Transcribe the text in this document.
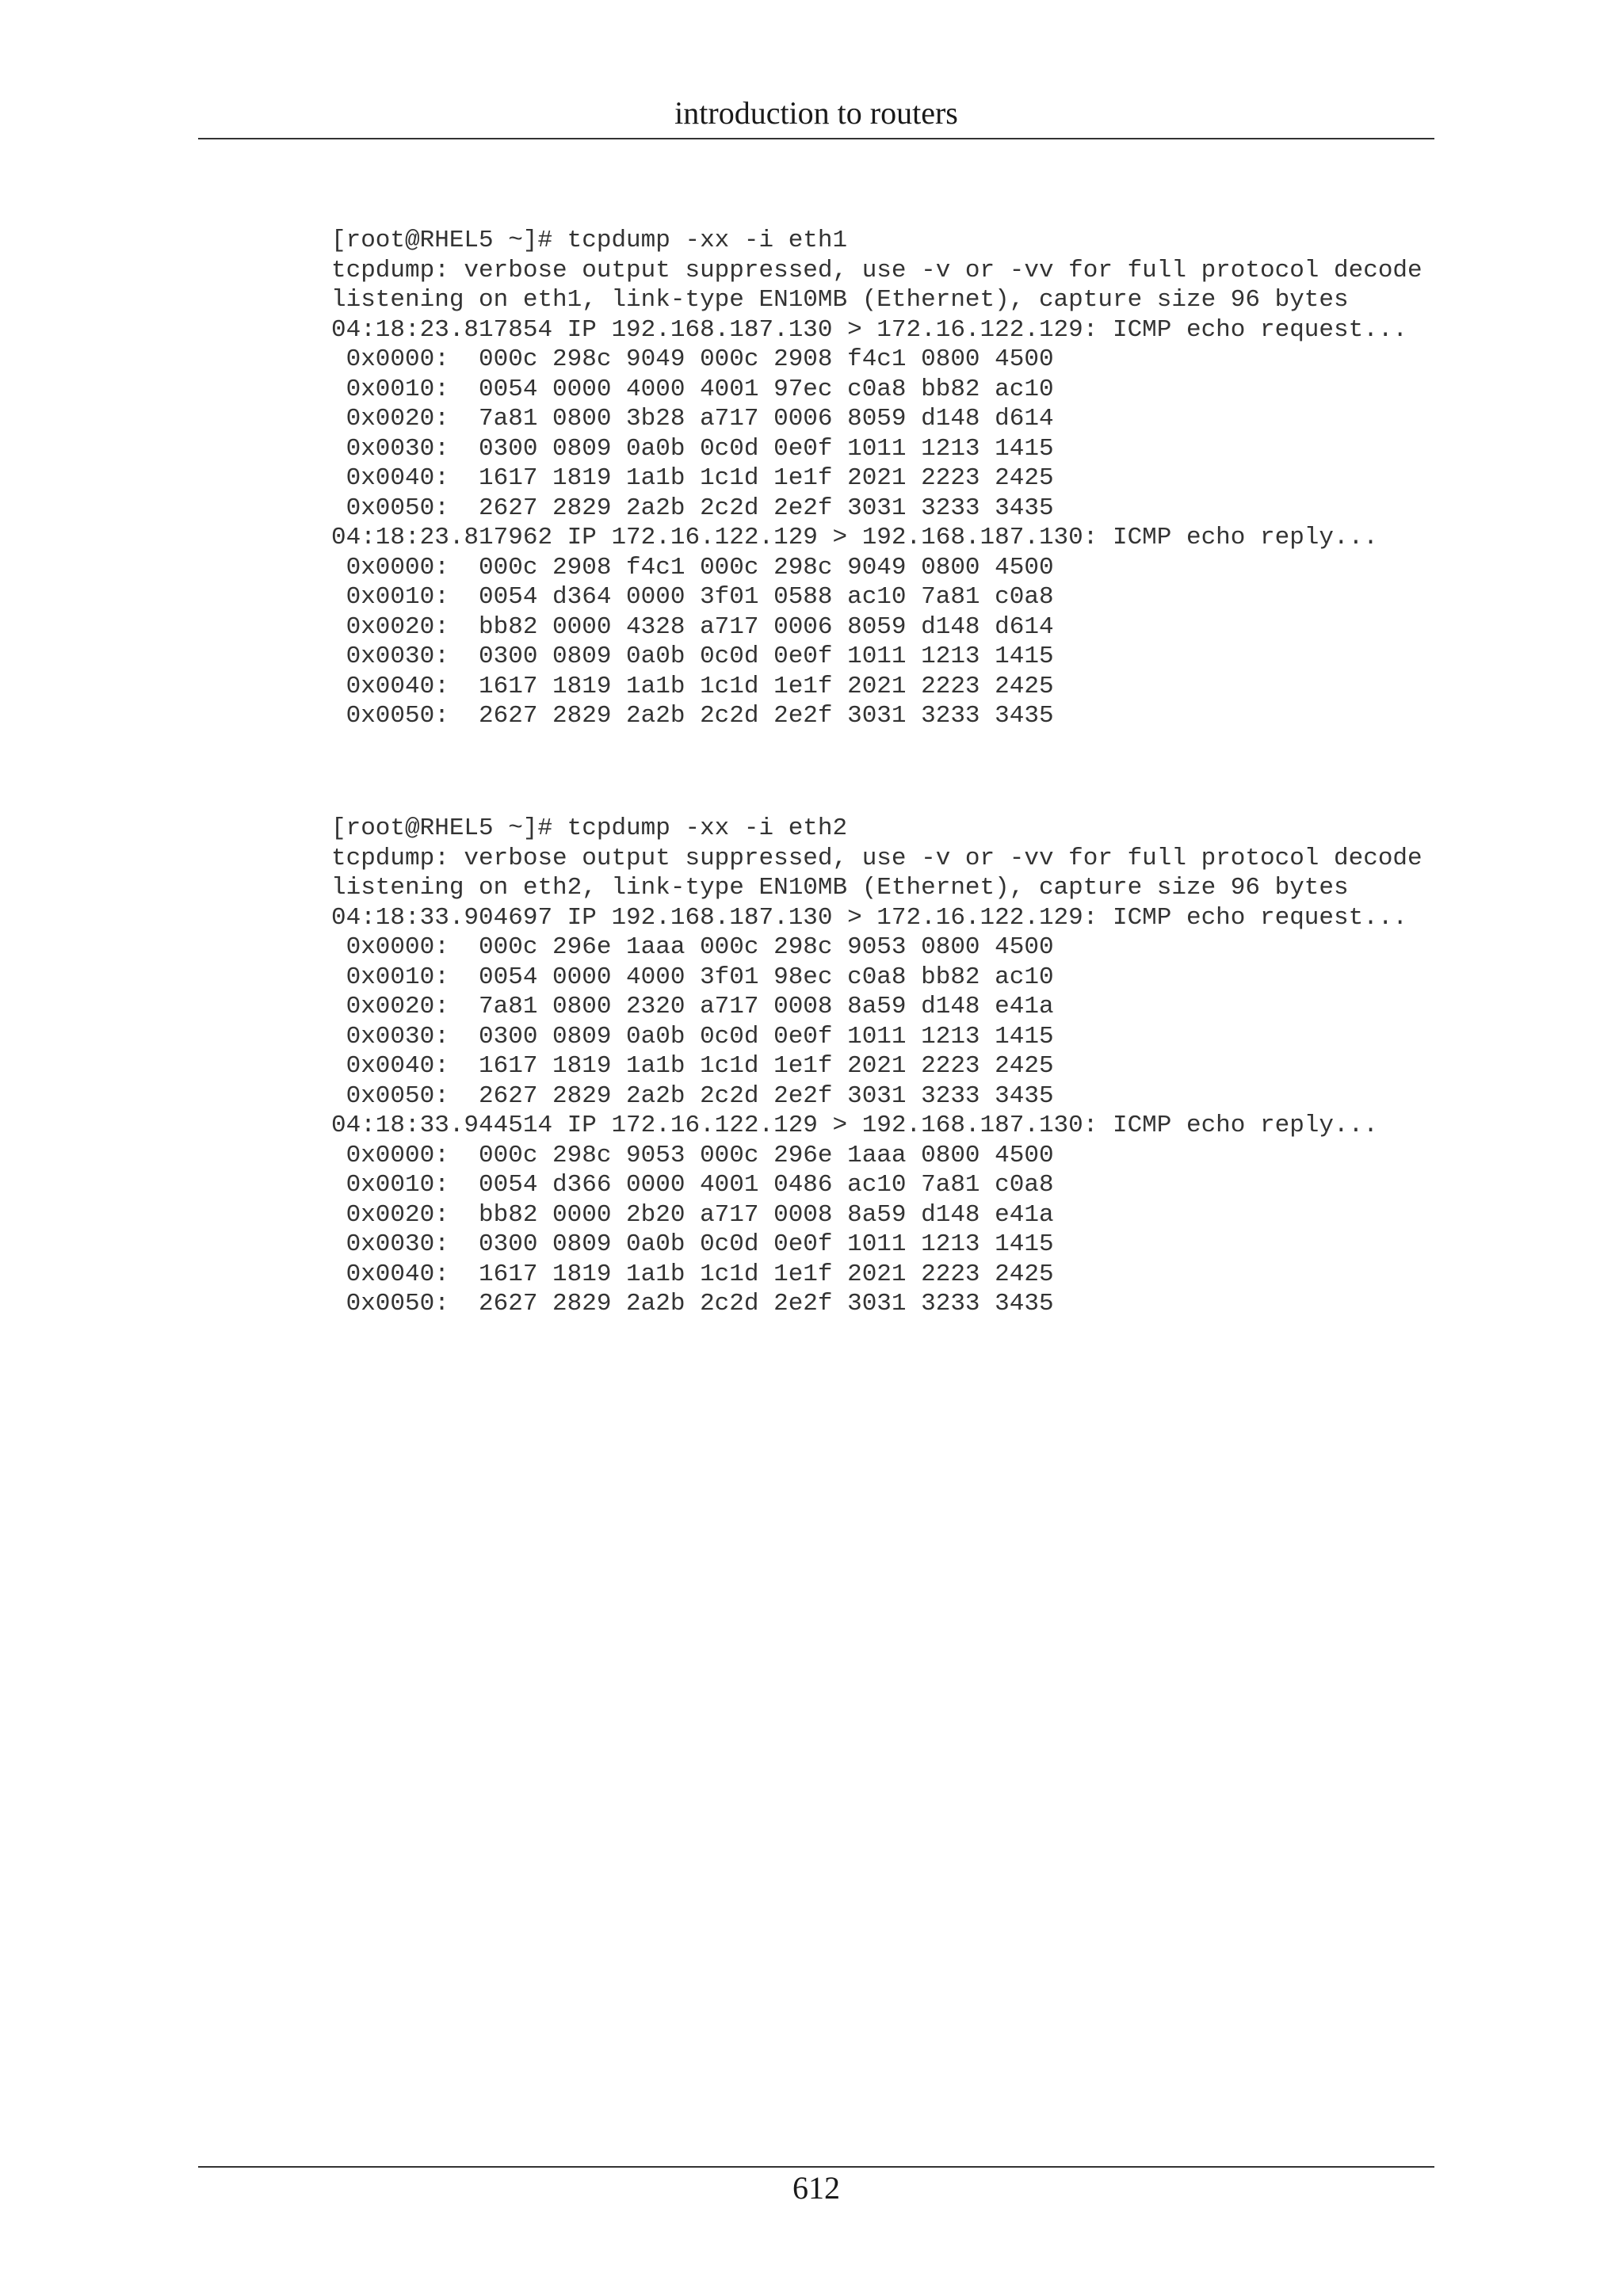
introduction to routers
[root@RHEL5 ~]# tcpdump -xx -i eth1
tcpdump: verbose output suppressed, use -v or -vv for full protocol decode
listening on eth1, link-type EN10MB (Ethernet), capture size 96 bytes
04:18:23.817854 IP 192.168.187.130 > 172.16.122.129: ICMP echo request...
0x0000:  000c 298c 9049 000c 2908 f4c1 0800 4500
0x0010:  0054 0000 4000 4001 97ec c0a8 bb82 ac10
0x0020:  7a81 0800 3b28 a717 0006 8059 d148 d614
0x0030:  0300 0809 0a0b 0c0d 0e0f 1011 1213 1415
0x0040:  1617 1819 1a1b 1c1d 1e1f 2021 2223 2425
0x0050:  2627 2829 2a2b 2c2d 2e2f 3031 3233 3435
04:18:23.817962 IP 172.16.122.129 > 192.168.187.130: ICMP echo reply...
0x0000:  000c 2908 f4c1 000c 298c 9049 0800 4500
0x0010:  0054 d364 0000 3f01 0588 ac10 7a81 c0a8
0x0020:  bb82 0000 4328 a717 0006 8059 d148 d614
0x0030:  0300 0809 0a0b 0c0d 0e0f 1011 1213 1415
0x0040:  1617 1819 1a1b 1c1d 1e1f 2021 2223 2425
0x0050:  2627 2829 2a2b 2c2d 2e2f 3031 3233 3435
[root@RHEL5 ~]# tcpdump -xx -i eth2
tcpdump: verbose output suppressed, use -v or -vv for full protocol decode
listening on eth2, link-type EN10MB (Ethernet), capture size 96 bytes
04:18:33.904697 IP 192.168.187.130 > 172.16.122.129: ICMP echo request...
0x0000:  000c 296e 1aaa 000c 298c 9053 0800 4500
0x0010:  0054 0000 4000 3f01 98ec c0a8 bb82 ac10
0x0020:  7a81 0800 2320 a717 0008 8a59 d148 e41a
0x0030:  0300 0809 0a0b 0c0d 0e0f 1011 1213 1415
0x0040:  1617 1819 1a1b 1c1d 1e1f 2021 2223 2425
0x0050:  2627 2829 2a2b 2c2d 2e2f 3031 3233 3435
04:18:33.944514 IP 172.16.122.129 > 192.168.187.130: ICMP echo reply...
0x0000:  000c 298c 9053 000c 296e 1aaa 0800 4500
0x0010:  0054 d366 0000 4001 0486 ac10 7a81 c0a8
0x0020:  bb82 0000 2b20 a717 0008 8a59 d148 e41a
0x0030:  0300 0809 0a0b 0c0d 0e0f 1011 1213 1415
0x0040:  1617 1819 1a1b 1c1d 1e1f 2021 2223 2425
0x0050:  2627 2829 2a2b 2c2d 2e2f 3031 3233 3435
612
